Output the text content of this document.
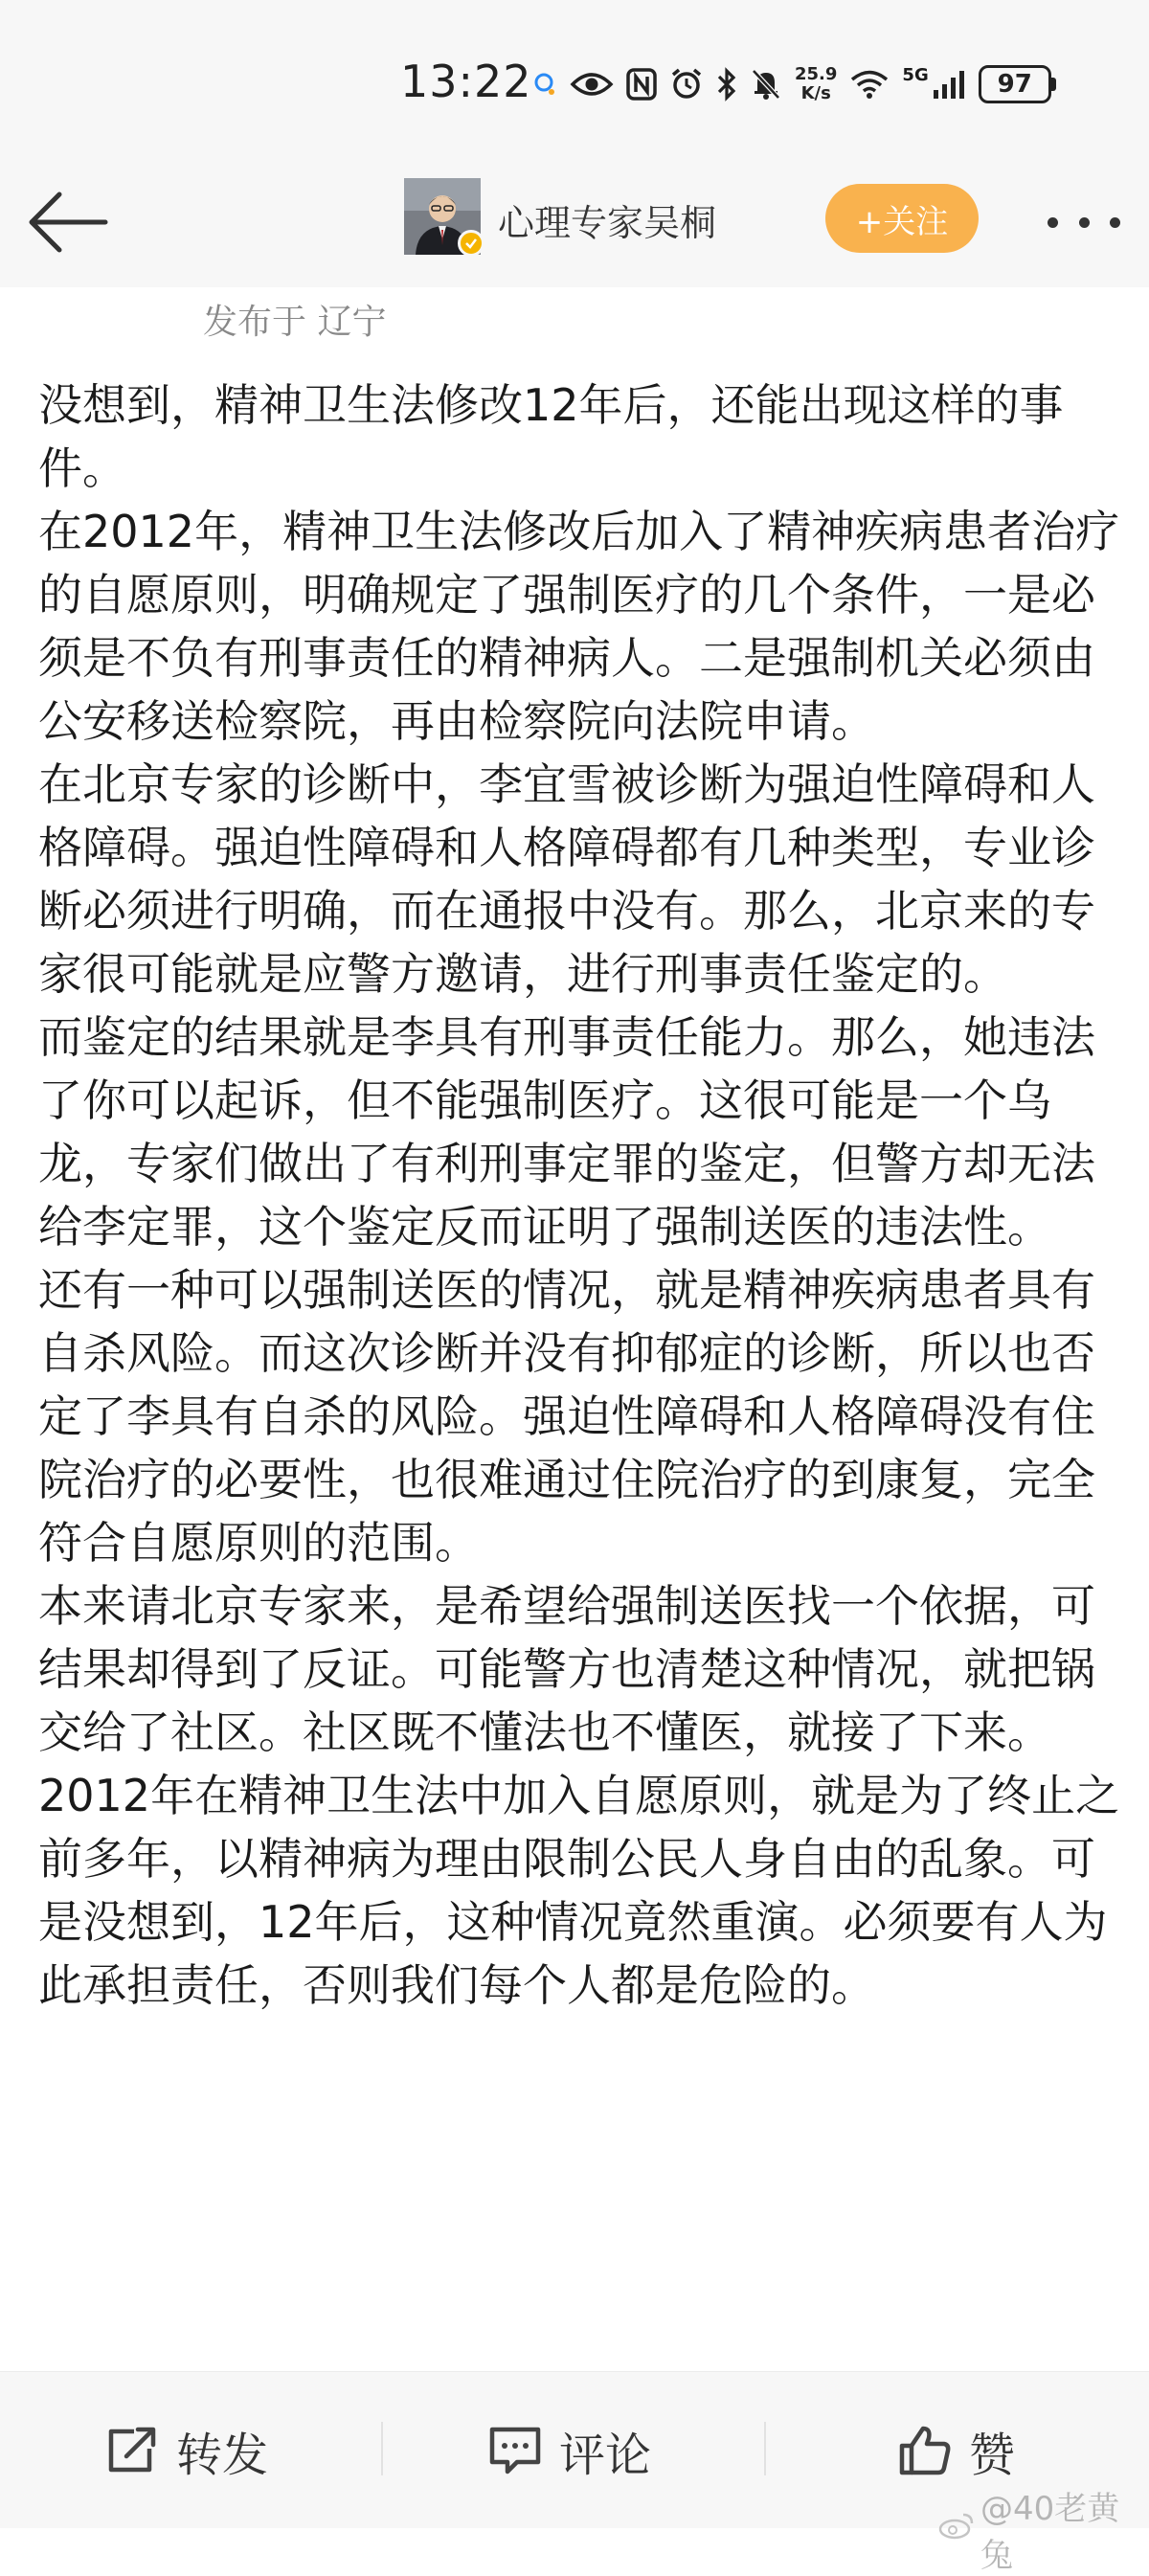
13:22	25.9
K/s
5G	97
心理专家吴桐	+关注
发布于 辽宁

没想到，精神卫生法修改12年后，还能出现这样的事件。

在2012年，精神卫生法修改后加入了精神疾病患者治疗的自愿原则，明确规定了强制医疗的几个条件，一是必须是不负有刑事责任的精神病人。二是强制机关必须由公安移送检察院，再由检察院向法院申请。

在北京专家的诊断中，李宜雪被诊断为强迫性障碍和人格障碍。强迫性障碍和人格障碍都有几种类型，专业诊断必须进行明确，而在通报中没有。那么，北京来的专家很可能就是应警方邀请，进行刑事责任鉴定的。

而鉴定的结果就是李具有刑事责任能力。那么，她违法了你可以起诉，但不能强制医疗。这很可能是一个乌龙，专家们做出了有利刑事定罪的鉴定，但警方却无法给李定罪，这个鉴定反而证明了强制送医的违法性。

还有一种可以强制送医的情况，就是精神疾病患者具有自杀风险。而这次诊断并没有抑郁症的诊断，所以也否定了李具有自杀的风险。强迫性障碍和人格障碍没有住院治疗的必要性，也很难通过住院治疗的到康复，完全符合自愿原则的范围。

本来请北京专家来，是希望给强制送医找一个依据，可结果却得到了反证。可能警方也清楚这种情况，就把锅交给了社区。社区既不懂法也不懂医，就接了下来。

2012年在精神卫生法中加入自愿原则，就是为了终止之前多年，以精神病为理由限制公民人身自由的乱象。可是没想到，12年后，这种情况竟然重演。必须要有人为此承担责任，否则我们每个人都是危险的。

转发	评论	赞
@40老黄兔
